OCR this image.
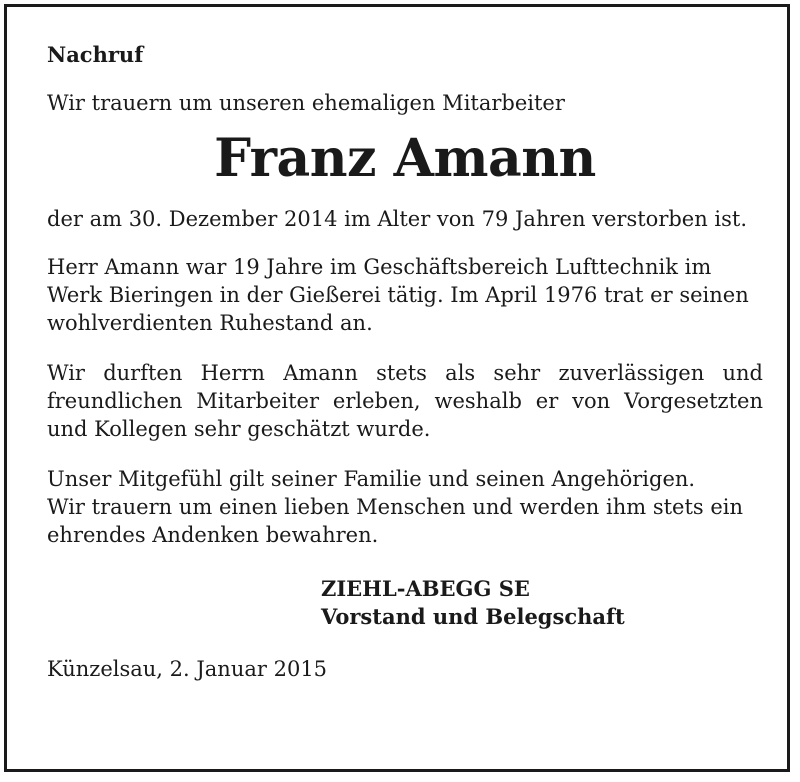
Nachruf

Wir trauern um unseren ehemaligen Mitarbeiter

Franz Amann

der am 30. Dezember 2014 im Alter von 79 Jahren verstorben ist.

Herr Amann war 19 Jahre im Geschäftsbereich Lufttechnik im
Werk Bieringen in der Gießerei tätig. Im April 1976 trat er seinen
wohlverdienten Ruhestand an.

Wir durften Herrn Amann stets als sehr zuverlässigen und freundlichen Mitarbeiter erleben, weshalb er von Vorgesetzten und Kollegen sehr geschätzt wurde.

Unser Mitgefühl gilt seiner Familie und seinen Angehörigen.
Wir trauern um einen lieben Menschen und werden ihm stets ein
ehrendes Andenken bewahren.
ZIEHL-ABEGG SE
Vorstand und Belegschaft

Künzelsau, 2. Januar 2015
